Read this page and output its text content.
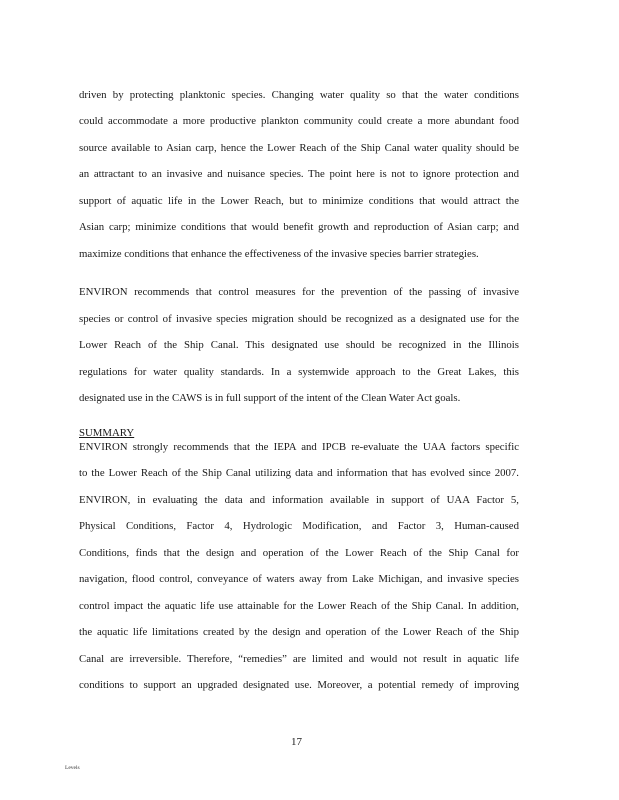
driven by protecting planktonic species. Changing water quality so that the water conditions
could accommodate a more productive plankton community could create a more abundant food
source available to Asian carp, hence the Lower Reach of the Ship Canal water quality should be
an attractant to an invasive and nuisance species. The point here is not to ignore protection and
support of aquatic life in the Lower Reach, but to minimize conditions that would attract the
Asian carp; minimize conditions that would benefit growth and reproduction of Asian carp; and
maximize conditions that enhance the effectiveness of the invasive species barrier strategies.
ENVIRON recommends that control measures for the prevention of the passing of invasive
species or control of invasive species migration should be recognized as a designated use for the
Lower Reach of the Ship Canal. This designated use should be recognized in the Illinois
regulations for water quality standards. In a systemwide approach to the Great Lakes, this
designated use in the CAWS is in full support of the intent of the Clean Water Act goals.
SUMMARY
ENVIRON strongly recommends that the IEPA and IPCB re-evaluate the UAA factors specific
to the Lower Reach of the Ship Canal utilizing data and information that has evolved since 2007.
ENVIRON, in evaluating the data and information available in support of UAA Factor 5,
Physical Conditions, Factor 4, Hydrologic Modification, and Factor 3, Human-caused
Conditions, finds that the design and operation of the Lower Reach of the Ship Canal for
navigation, flood control, conveyance of waters away from Lake Michigan, and invasive species
control impact the aquatic life use attainable for the Lower Reach of the Ship Canal. In addition,
the aquatic life limitations created by the design and operation of the Lower Reach of the Ship
Canal are irreversible. Therefore, “remedies” are limited and would not result in aquatic life
conditions to support an upgraded designated use. Moreover, a potential remedy of improving
17
Levels
